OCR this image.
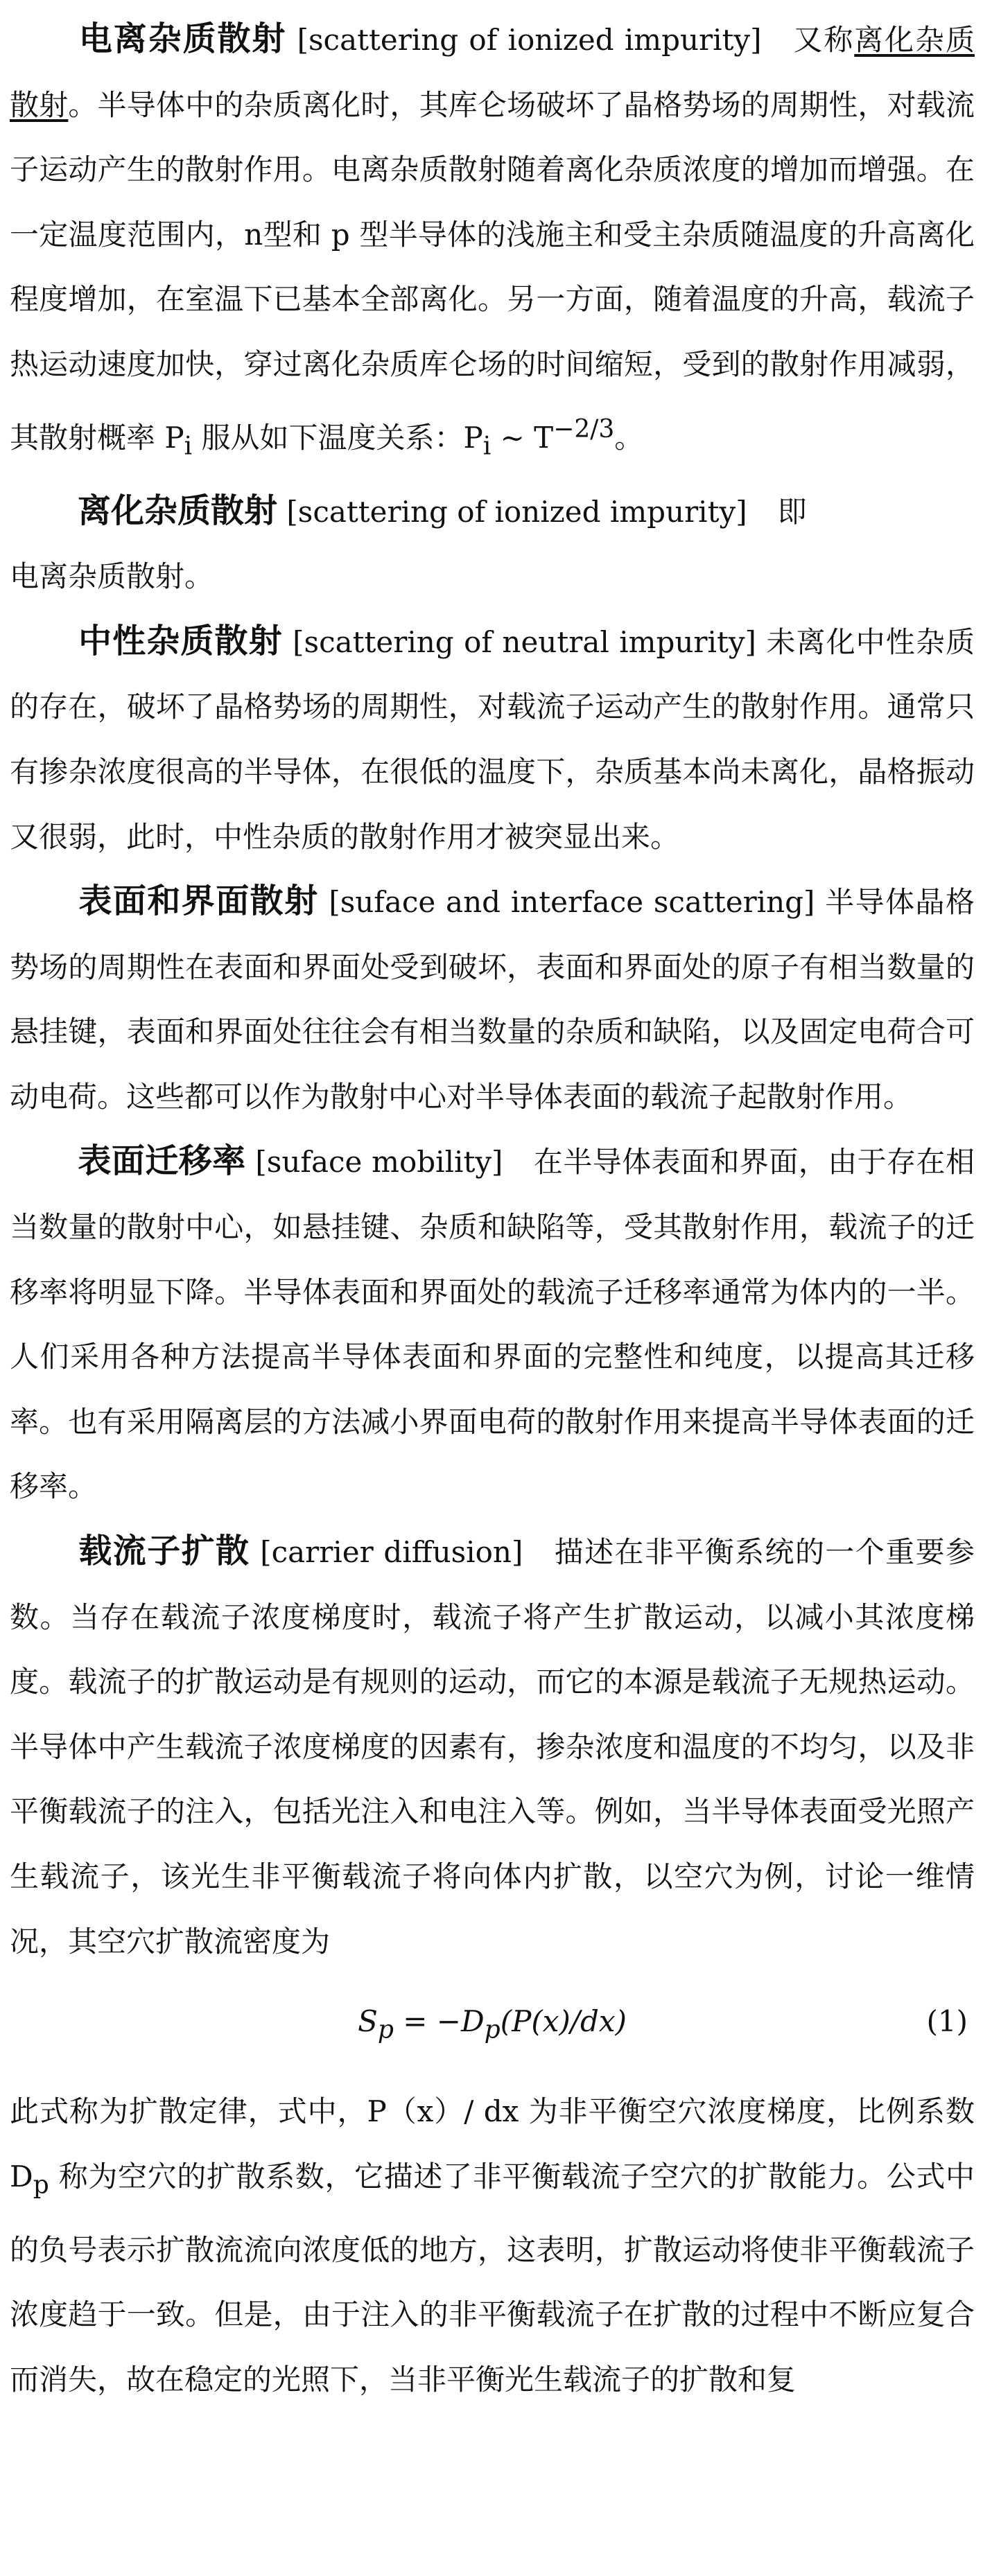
电离杂质散射 [scattering of ionized impurity] 又称离化杂质散射。半导体中的杂质离化时，其库仑场破坏了晶格势场的周期性，对载流子运动产生的散射作用。电离杂质散射随着离化杂质浓度的增加而增强。在一定温度范围内，n型和 p 型半导体的浅施主和受主杂质随温度的升高离化程度增加，在室温下已基本全部离化。另一方面，随着温度的升高，载流子热运动速度加快，穿过离化杂质库仑场的时间缩短，受到的散射作用减弱，其散射概率 $P_i$ 服从如下温度关系：$P_i$ ∼ $T^{-2/3}$。

离化杂质散射 [scattering of ionized impurity] 即
电离杂质散射。

中性杂质散射 [scattering of neutral impurity] 未离化中性杂质的存在，破坏了晶格势场的周期性，对载流子运动产生的散射作用。通常只有掺杂浓度很高的半导体，在很低的温度下，杂质基本尚未离化，晶格振动又很弱，此时，中性杂质的散射作用才被突显出来。

表面和界面散射 [suface and interface scattering] 半导体晶格势场的周期性在表面和界面处受到破坏，表面和界面处的原子有相当数量的悬挂键，表面和界面处往往会有相当数量的杂质和缺陷，以及固定电荷合可动电荷。这些都可以作为散射中心对半导体表面的载流子起散射作用。

表面迁移率 [suface mobility] 在半导体表面和界面，由于存在相当数量的散射中心，如悬挂键、杂质和缺陷等，受其散射作用，载流子的迁移率将明显下降。半导体表面和界面处的载流子迁移率通常为体内的一半。人们采用各种方法提高半导体表面和界面的完整性和纯度，以提高其迁移率。也有采用隔离层的方法减小界面电荷的散射作用来提高半导体表面的迁移率。

载流子扩散 [carrier diffusion] 描述在非平衡系统的一个重要参数。当存在载流子浓度梯度时，载流子将产生扩散运动，以减小其浓度梯度。载流子的扩散运动是有规则的运动，而它的本源是载流子无规热运动。半导体中产生载流子浓度梯度的因素有，掺杂浓度和温度的不均匀，以及非平衡载流子的注入，包括光注入和电注入等。例如，当半导体表面受光照产生载流子，该光生非平衡载流子将向体内扩散，以空穴为例，讨论一维情况，其空穴扩散流密度为

$S_p = -D_p(P(x)/dx)$	(1)

此式称为扩散定律，式中，P（x）/ dx 为非平衡空穴浓度梯度，比例系数 $D_p$ 称为空穴的扩散系数，它描述了非平衡载流子空穴的扩散能力。公式中的负号表示扩散流流向浓度低的地方，这表明，扩散运动将使非平衡载流子浓度趋于一致。但是，由于注入的非平衡载流子在扩散的过程中不断应复合而消失，故在稳定的光照下，当非平衡光生载流子的扩散和复
